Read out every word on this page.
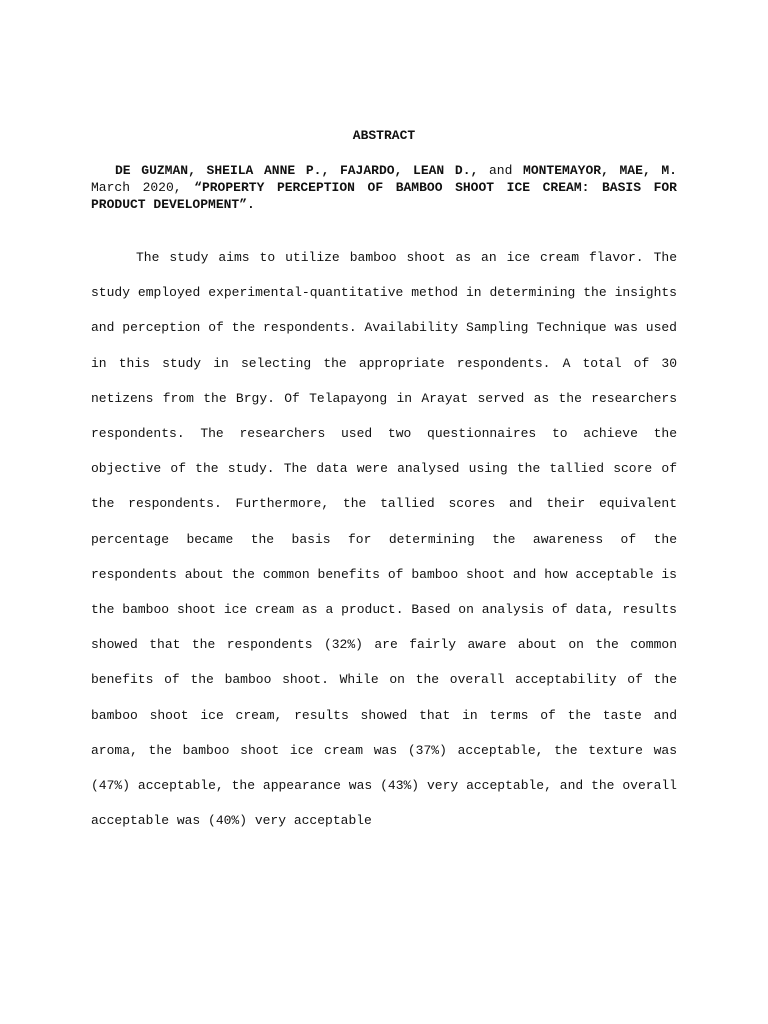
ABSTRACT

DE GUZMAN, SHEILA ANNE P., FAJARDO, LEAN D., and MONTEMAYOR, MAE, M. March 2020, “PROPERTY PERCEPTION OF BAMBOO SHOOT ICE CREAM: BASIS FOR PRODUCT DEVELOPMENT”.

The study aims to utilize bamboo shoot as an ice cream flavor. The study employed experimental-quantitative method in determining the insights and perception of the respondents. Availability Sampling Technique was used in this study in selecting the appropriate respondents. A total of 30 netizens from the Brgy. Of Telapayong in Arayat served as the researchers respondents. The researchers used two questionnaires to achieve the objective of the study. The data were analysed using the tallied score of the respondents. Furthermore, the tallied scores and their equivalent percentage became the basis for determining the awareness of the respondents about the common benefits of bamboo shoot and how acceptable is the bamboo shoot ice cream as a product. Based on analysis of data, results showed that the respondents (32%) are fairly aware about on the common benefits of the bamboo shoot. While on the overall acceptability of the bamboo shoot ice cream, results showed that in terms of the taste and aroma, the bamboo shoot ice cream was (37%) acceptable, the texture was (47%) acceptable, the appearance was (43%) very acceptable, and the overall acceptable was (40%) very acceptable
